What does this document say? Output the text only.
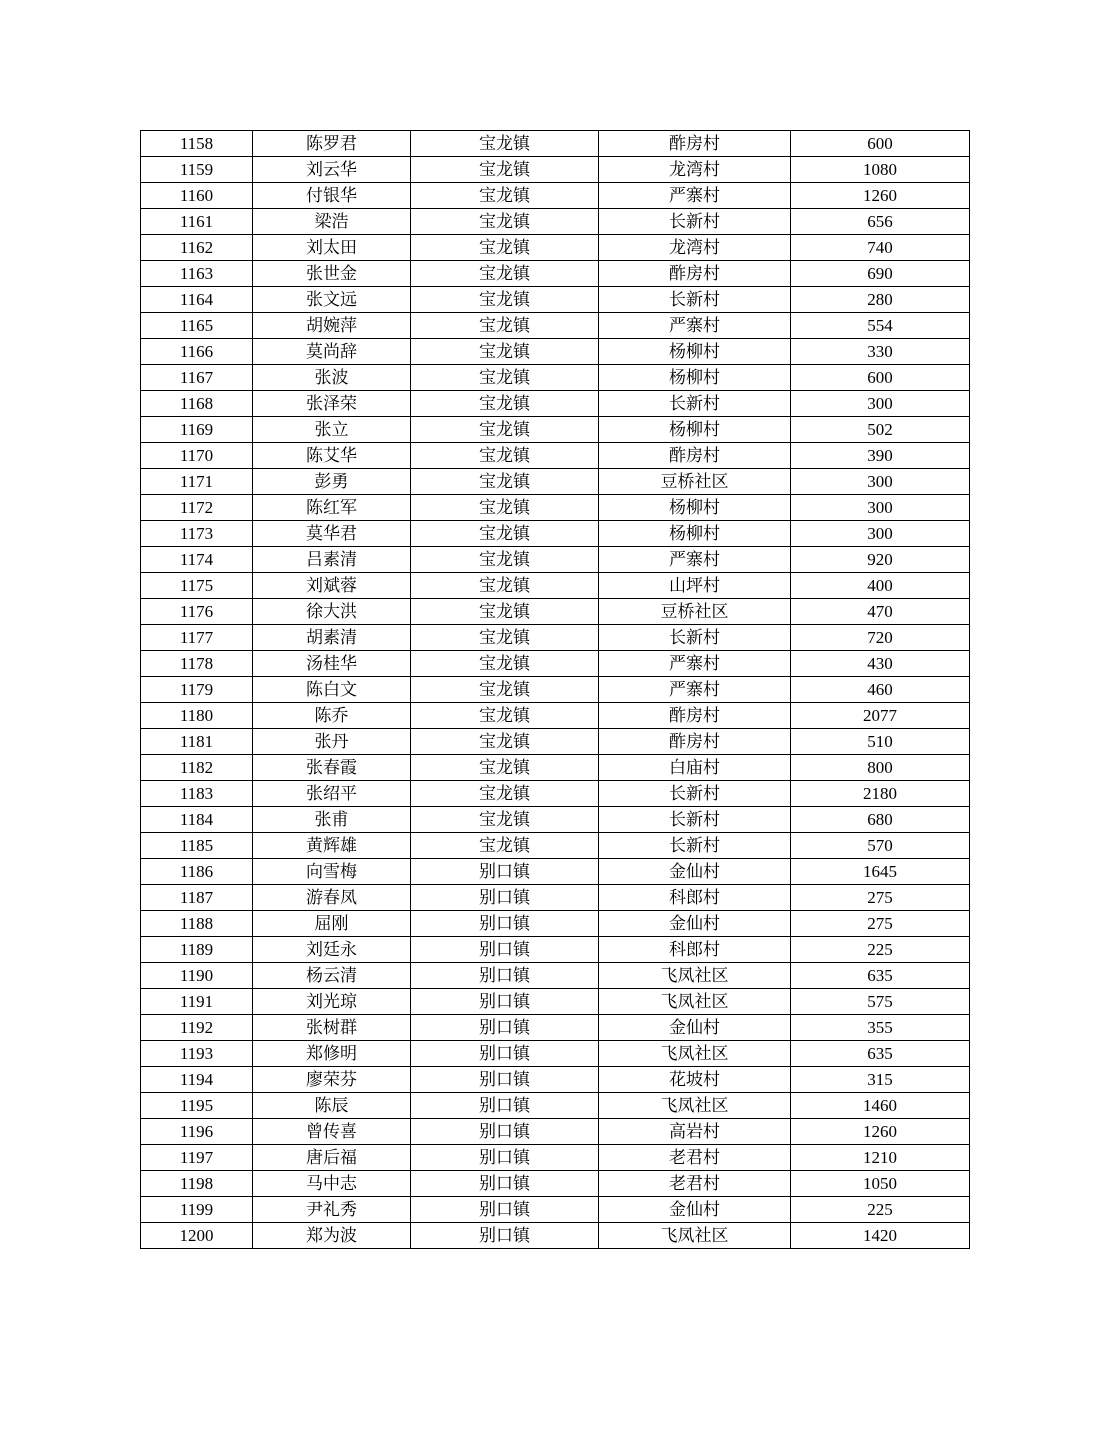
1158	陈罗君	宝龙镇	酢房村	600
1159	刘云华	宝龙镇	龙湾村	1080
1160	付银华	宝龙镇	严寨村	1260
1161	梁浩	宝龙镇	长新村	656
1162	刘太田	宝龙镇	龙湾村	740
1163	张世金	宝龙镇	酢房村	690
1164	张文远	宝龙镇	长新村	280
1165	胡婉萍	宝龙镇	严寨村	554
1166	莫尚辞	宝龙镇	杨柳村	330
1167	张波	宝龙镇	杨柳村	600
1168	张泽荣	宝龙镇	长新村	300
1169	张立	宝龙镇	杨柳村	502
1170	陈艾华	宝龙镇	酢房村	390
1171	彭勇	宝龙镇	豆桥社区	300
1172	陈红军	宝龙镇	杨柳村	300
1173	莫华君	宝龙镇	杨柳村	300
1174	吕素清	宝龙镇	严寨村	920
1175	刘斌蓉	宝龙镇	山坪村	400
1176	徐大洪	宝龙镇	豆桥社区	470
1177	胡素清	宝龙镇	长新村	720
1178	汤桂华	宝龙镇	严寨村	430
1179	陈白文	宝龙镇	严寨村	460
1180	陈乔	宝龙镇	酢房村	2077
1181	张丹	宝龙镇	酢房村	510
1182	张春霞	宝龙镇	白庙村	800
1183	张绍平	宝龙镇	长新村	2180
1184	张甫	宝龙镇	长新村	680
1185	黄辉雄	宝龙镇	长新村	570
1186	向雪梅	别口镇	金仙村	1645
1187	游春凤	别口镇	科郎村	275
1188	屈刚	别口镇	金仙村	275
1189	刘廷永	别口镇	科郎村	225
1190	杨云清	别口镇	飞凤社区	635
1191	刘光琼	别口镇	飞凤社区	575
1192	张树群	别口镇	金仙村	355
1193	郑修明	别口镇	飞凤社区	635
1194	廖荣芬	别口镇	花坡村	315
1195	陈辰	别口镇	飞凤社区	1460
1196	曾传喜	别口镇	高岩村	1260
1197	唐后福	别口镇	老君村	1210
1198	马中志	别口镇	老君村	1050
1199	尹礼秀	别口镇	金仙村	225
1200	郑为波	别口镇	飞凤社区	1420
